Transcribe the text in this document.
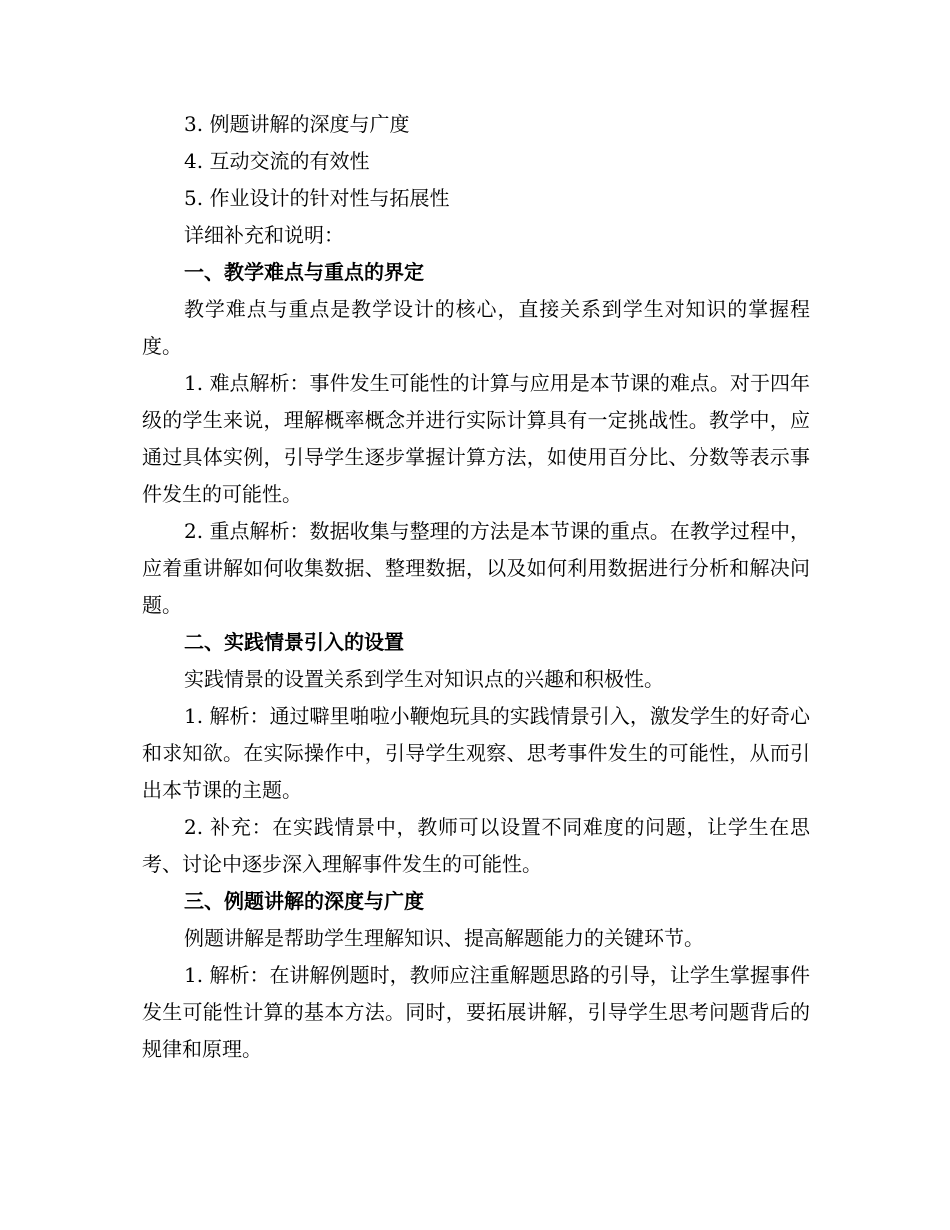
3. 例题讲解的深度与广度

4. 互动交流的有效性

5. 作业设计的针对性与拓展性

详细补充和说明：

一、教学难点与重点的界定

教学难点与重点是教学设计的核心，直接关系到学生对知识的掌握程度。

1. 难点解析：事件发生可能性的计算与应用是本节课的难点。对于四年级的学生来说，理解概率概念并进行实际计算具有一定挑战性。教学中，应通过具体实例，引导学生逐步掌握计算方法，如使用百分比、分数等表示事件发生的可能性。

2. 重点解析：数据收集与整理的方法是本节课的重点。在教学过程中，应着重讲解如何收集数据、整理数据，以及如何利用数据进行分析和解决问题。

二、实践情景引入的设置

实践情景的设置关系到学生对知识点的兴趣和积极性。

1. 解析：通过噼里啪啦小鞭炮玩具的实践情景引入，激发学生的好奇心和求知欲。在实际操作中，引导学生观察、思考事件发生的可能性，从而引出本节课的主题。

2. 补充：在实践情景中，教师可以设置不同难度的问题，让学生在思考、讨论中逐步深入理解事件发生的可能性。

三、例题讲解的深度与广度

例题讲解是帮助学生理解知识、提高解题能力的关键环节。

1. 解析：在讲解例题时，教师应注重解题思路的引导，让学生掌握事件发生可能性计算的基本方法。同时，要拓展讲解，引导学生思考问题背后的规律和原理。
